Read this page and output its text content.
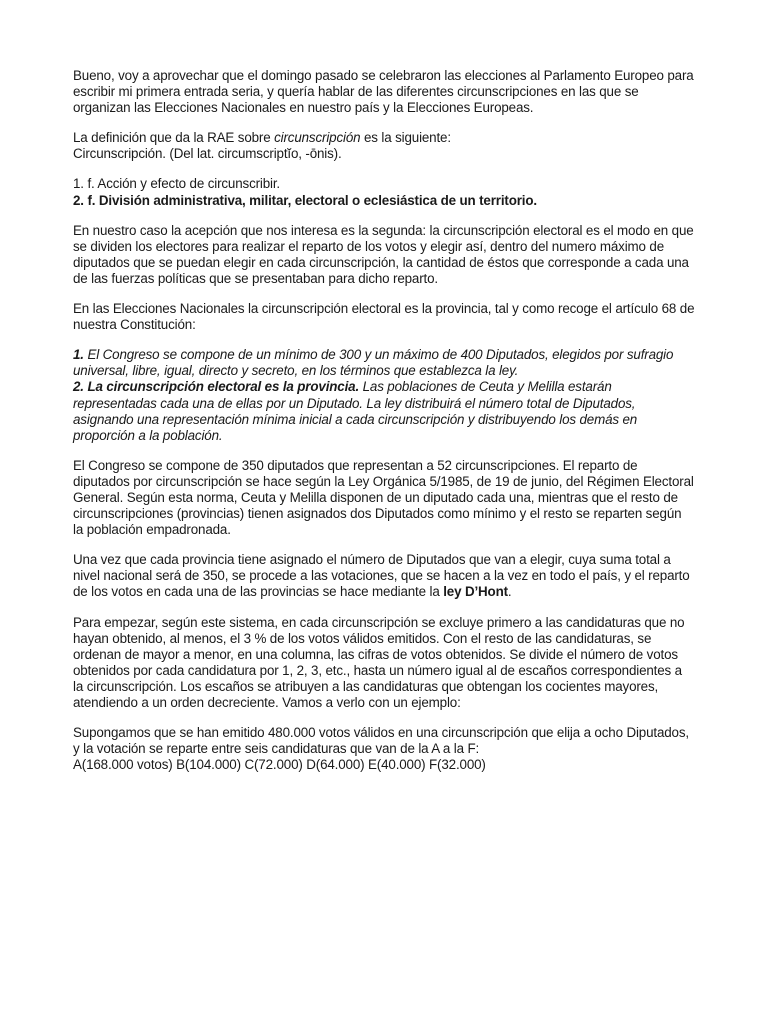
Bueno, voy a aprovechar que el domingo pasado se celebraron las elecciones al Parlamento Europeo para escribir mi primera entrada seria, y quería hablar de las diferentes circunscripciones en las que se organizan las Elecciones Nacionales en nuestro país y la Elecciones Europeas.

La definición que da la RAE sobre circunscripción es la siguiente:
Circunscripción. (Del lat. circumscriptĭo, -ōnis).

1. f. Acción y efecto de circunscribir.
2. f. División administrativa, militar, electoral o eclesiástica de un territorio.

En nuestro caso la acepción que nos interesa es la segunda: la circunscripción electoral es el modo en que se dividen los electores para realizar el reparto de los votos y elegir así, dentro del numero máximo de diputados que se puedan elegir en cada circunscripción, la cantidad de éstos que corresponde a cada una de las fuerzas políticas que se presentaban para dicho reparto.

En las Elecciones Nacionales la circunscripción electoral es la provincia, tal y como recoge el artículo 68 de nuestra Constitución:

1. El Congreso se compone de un mínimo de 300 y un máximo de 400 Diputados, elegidos por sufragio universal, libre, igual, directo y secreto, en los términos que establezca la ley.
2. La circunscripción electoral es la provincia. Las poblaciones de Ceuta y Melilla estarán representadas cada una de ellas por un Diputado. La ley distribuirá el número total de Diputados, asignando una representación mínima inicial a cada circunscripción y distribuyendo los demás en proporción a la población.

El Congreso se compone de 350 diputados que representan a 52 circunscripciones. El reparto de diputados por circunscripción se hace según la Ley Orgánica 5/1985, de 19 de junio, del Régimen Electoral General. Según esta norma, Ceuta y Melilla disponen de un diputado cada una, mientras que el resto de circunscripciones (provincias) tienen asignados dos Diputados como mínimo y el resto se reparten según la población empadronada.

Una vez que cada provincia tiene asignado el número de Diputados que van a elegir, cuya suma total a nivel nacional será de 350, se procede a las votaciones, que se hacen a la vez en todo el país, y el reparto de los votos en cada una de las provincias se hace mediante la ley D’Hont.

Para empezar, según este sistema, en cada circunscripción se excluye primero a las candidaturas que no hayan obtenido, al menos, el 3 % de los votos válidos emitidos. Con el resto de las candidaturas, se ordenan de mayor a menor, en una columna, las cifras de votos obtenidos. Se divide el número de votos obtenidos por cada candidatura por 1, 2, 3, etc., hasta un número igual al de escaños correspondientes a la circunscripción. Los escaños se atribuyen a las candidaturas que obtengan los cocientes mayores, atendiendo a un orden decreciente. Vamos a verlo con un ejemplo:

Supongamos que se han emitido 480.000 votos válidos en una circunscripción que elija a ocho Diputados, y la votación se reparte entre seis candidaturas que van de la A a la F:
A(168.000 votos) B(104.000) C(72.000) D(64.000) E(40.000) F(32.000)
